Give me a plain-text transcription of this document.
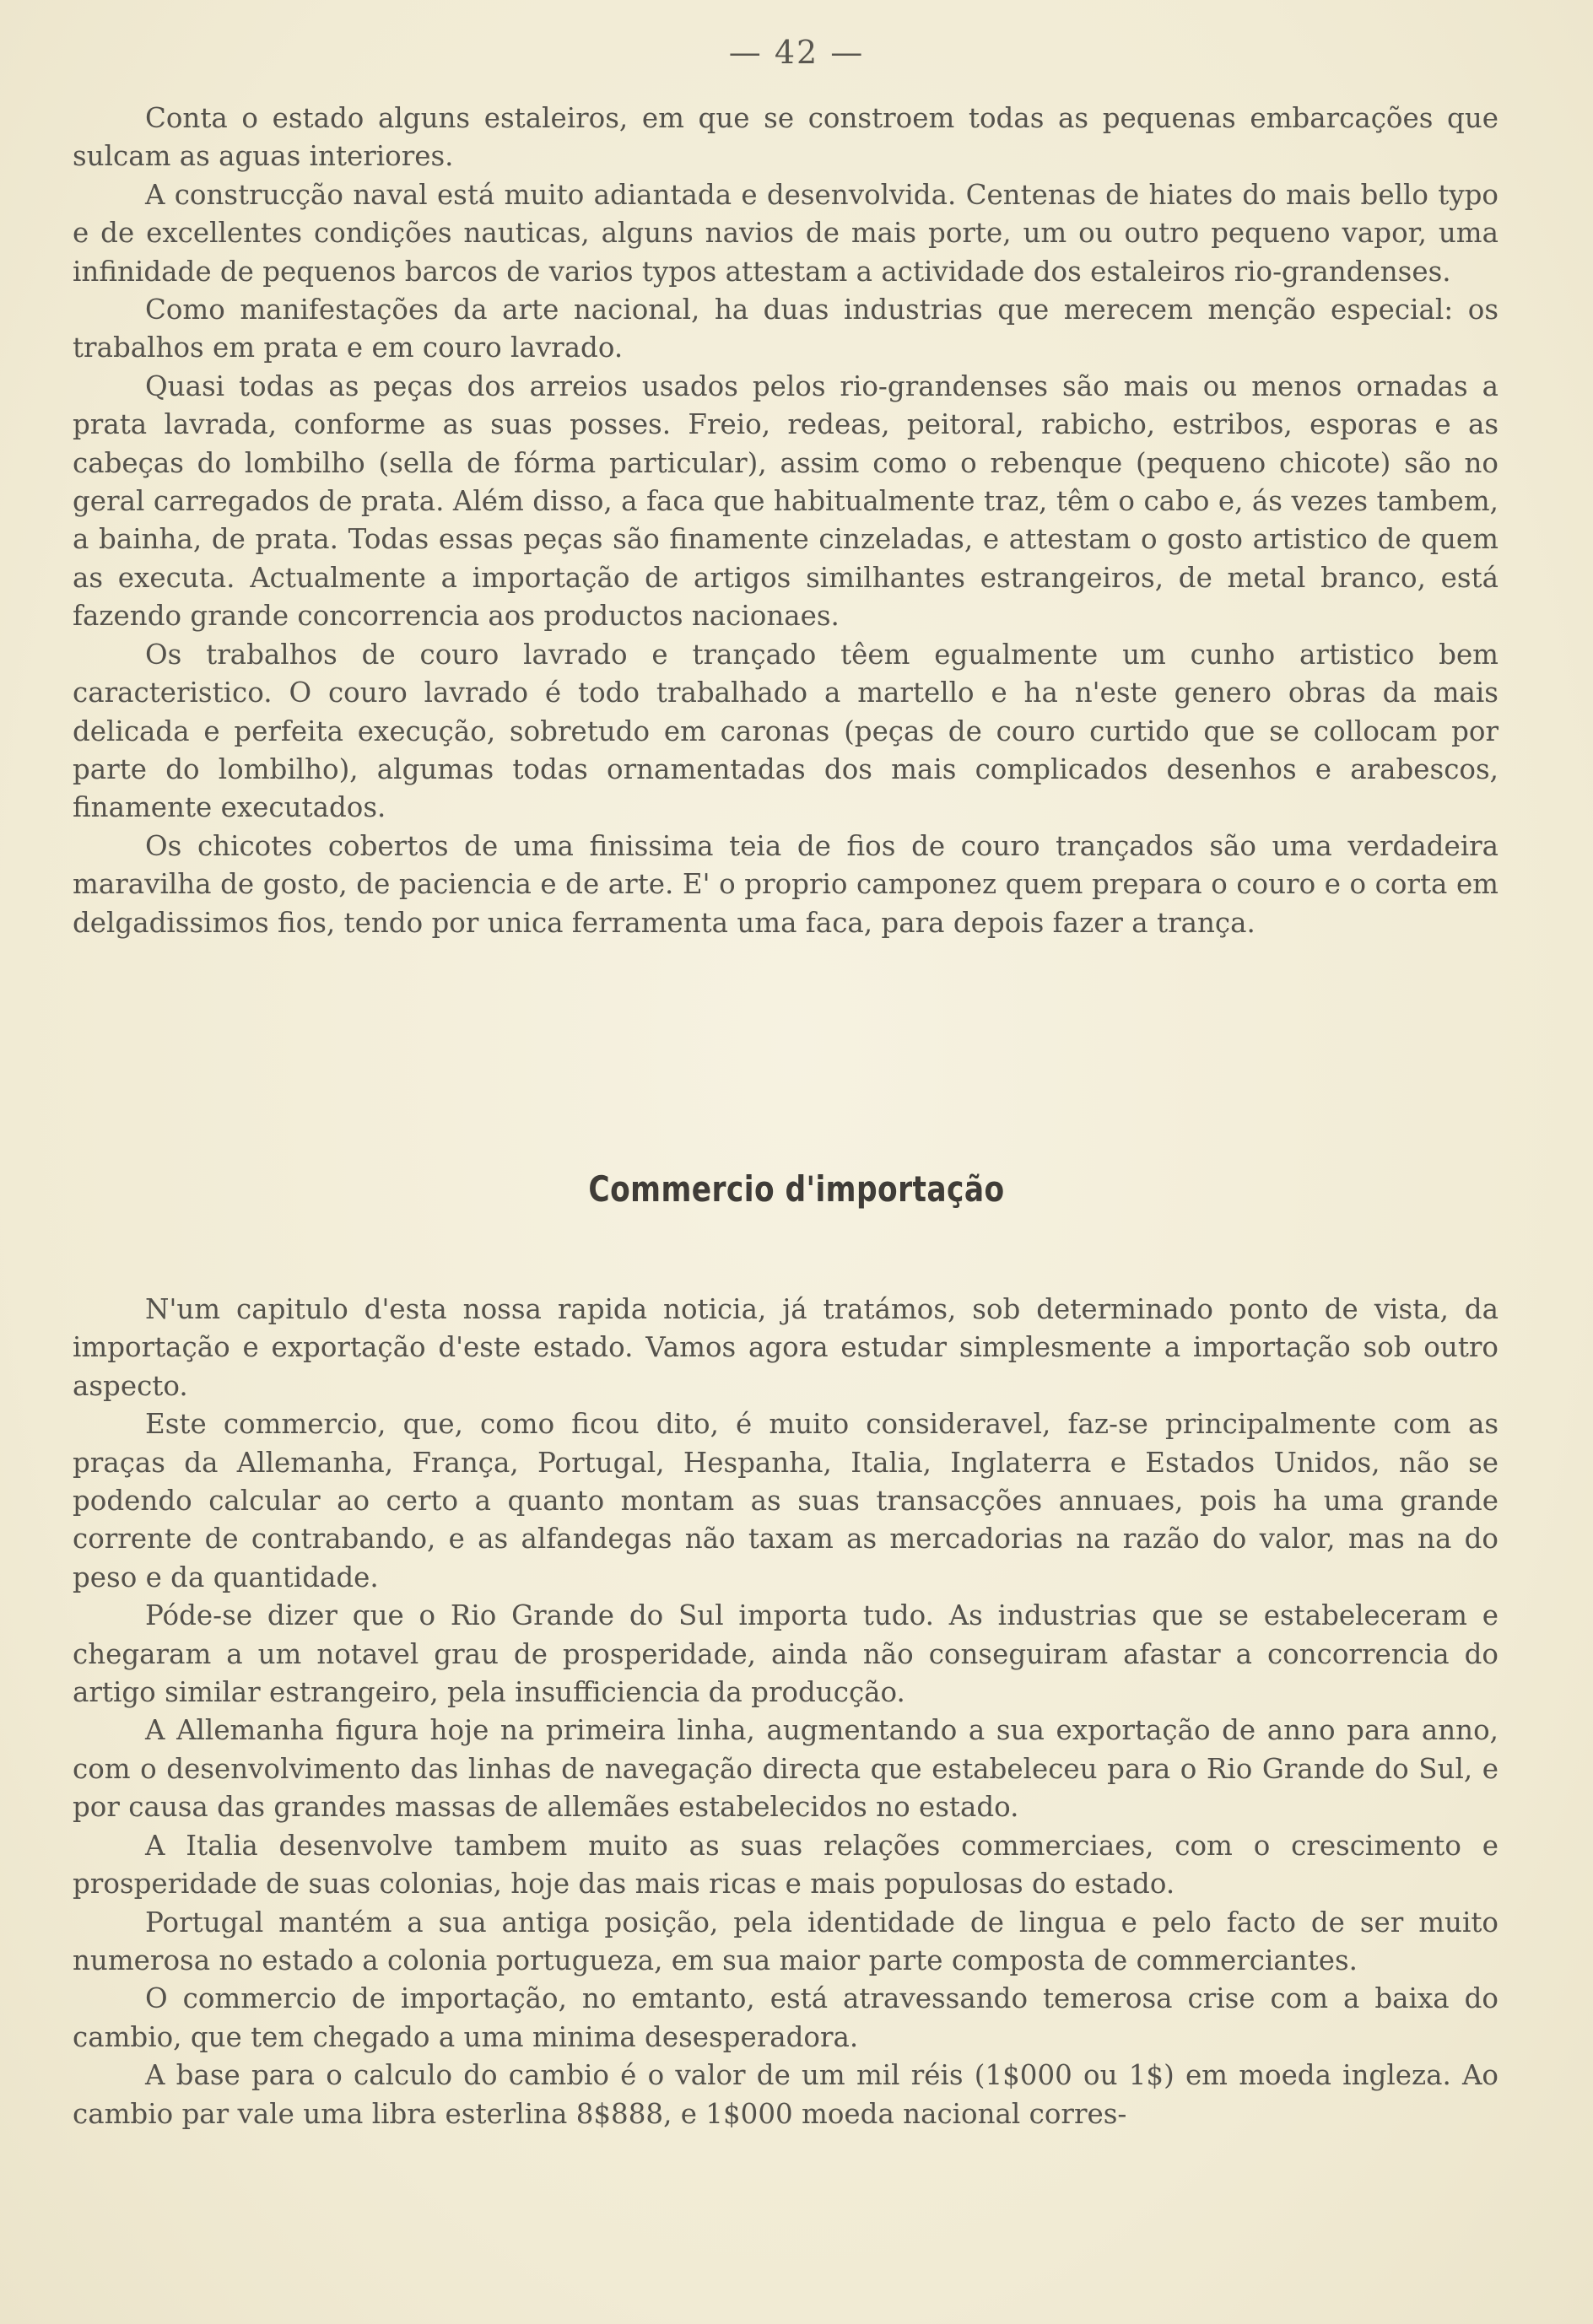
— 42 —

Conta o estado alguns estaleiros, em que se constroem todas as pequenas embarcações que sulcam as aguas interiores.

A construcção naval está muito adiantada e desenvolvida. Centenas de hiates do mais bello typo e de excellentes condições nauticas, alguns navios de mais porte, um ou outro pequeno vapor, uma infinidade de pequenos barcos de varios typos attestam a actividade dos estaleiros rio-grandenses.

Como manifestações da arte nacional, ha duas industrias que merecem menção especial: os trabalhos em prata e em couro lavrado.

Quasi todas as peças dos arreios usados pelos rio-grandenses são mais ou menos ornadas a prata lavrada, conforme as suas posses. Freio, redeas, peitoral, rabicho, estribos, esporas e as cabeças do lombilho (sella de fórma particular), assim como o rebenque (pequeno chicote) são no geral carregados de prata. Além disso, a faca que habitualmente traz, têm o cabo e, ás vezes tambem, a bainha, de prata. Todas essas peças são finamente cinzeladas, e attestam o gosto artistico de quem as executa. Actualmente a importação de artigos similhantes estrangeiros, de metal branco, está fazendo grande concorrencia aos productos nacionaes.

Os trabalhos de couro lavrado e trançado têem egualmente um cunho artistico bem caracteristico. O couro lavrado é todo trabalhado a martello e ha n'este genero obras da mais delicada e perfeita execução, sobretudo em caronas (peças de couro curtido que se collocam por parte do lombilho), algumas todas ornamentadas dos mais complicados desenhos e arabescos, finamente executados.

Os chicotes cobertos de uma finissima teia de fios de couro trançados são uma verdadeira maravilha de gosto, de paciencia e de arte. E' o proprio camponez quem prepara o couro e o corta em delgadissimos fios, tendo por unica ferramenta uma faca, para depois fazer a trança.

Commercio d'importação

N'um capitulo d'esta nossa rapida noticia, já tratámos, sob determinado ponto de vista, da importação e exportação d'este estado. Vamos agora estudar simplesmente a importação sob outro aspecto.

Este commercio, que, como ficou dito, é muito consideravel, faz-se principalmente com as praças da Allemanha, França, Portugal, Hespanha, Italia, Inglaterra e Estados Unidos, não se podendo calcular ao certo a quanto montam as suas transacções annuaes, pois ha uma grande corrente de contrabando, e as alfandegas não taxam as mercadorias na razão do valor, mas na do peso e da quantidade.

Póde-se dizer que o Rio Grande do Sul importa tudo. As industrias que se estabeleceram e chegaram a um notavel grau de prosperidade, ainda não conseguiram afastar a concorrencia do artigo similar estrangeiro, pela insufficiencia da producção.

A Allemanha figura hoje na primeira linha, augmentando a sua exportação de anno para anno, com o desenvolvimento das linhas de navegação directa que estabeleceu para o Rio Grande do Sul, e por causa das grandes massas de allemães estabelecidos no estado.

A Italia desenvolve tambem muito as suas relações commerciaes, com o crescimento e prosperidade de suas colonias, hoje das mais ricas e mais populosas do estado.

Portugal mantém a sua antiga posição, pela identidade de lingua e pelo facto de ser muito numerosa no estado a colonia portugueza, em sua maior parte composta de commerciantes.

O commercio de importação, no emtanto, está atravessando temerosa crise com a baixa do cambio, que tem chegado a uma minima desesperadora.

A base para o calculo do cambio é o valor de um mil réis (1$000 ou 1$) em moeda ingleza. Ao cambio par vale uma libra esterlina 8$888, e 1$000 moeda nacional corres-
